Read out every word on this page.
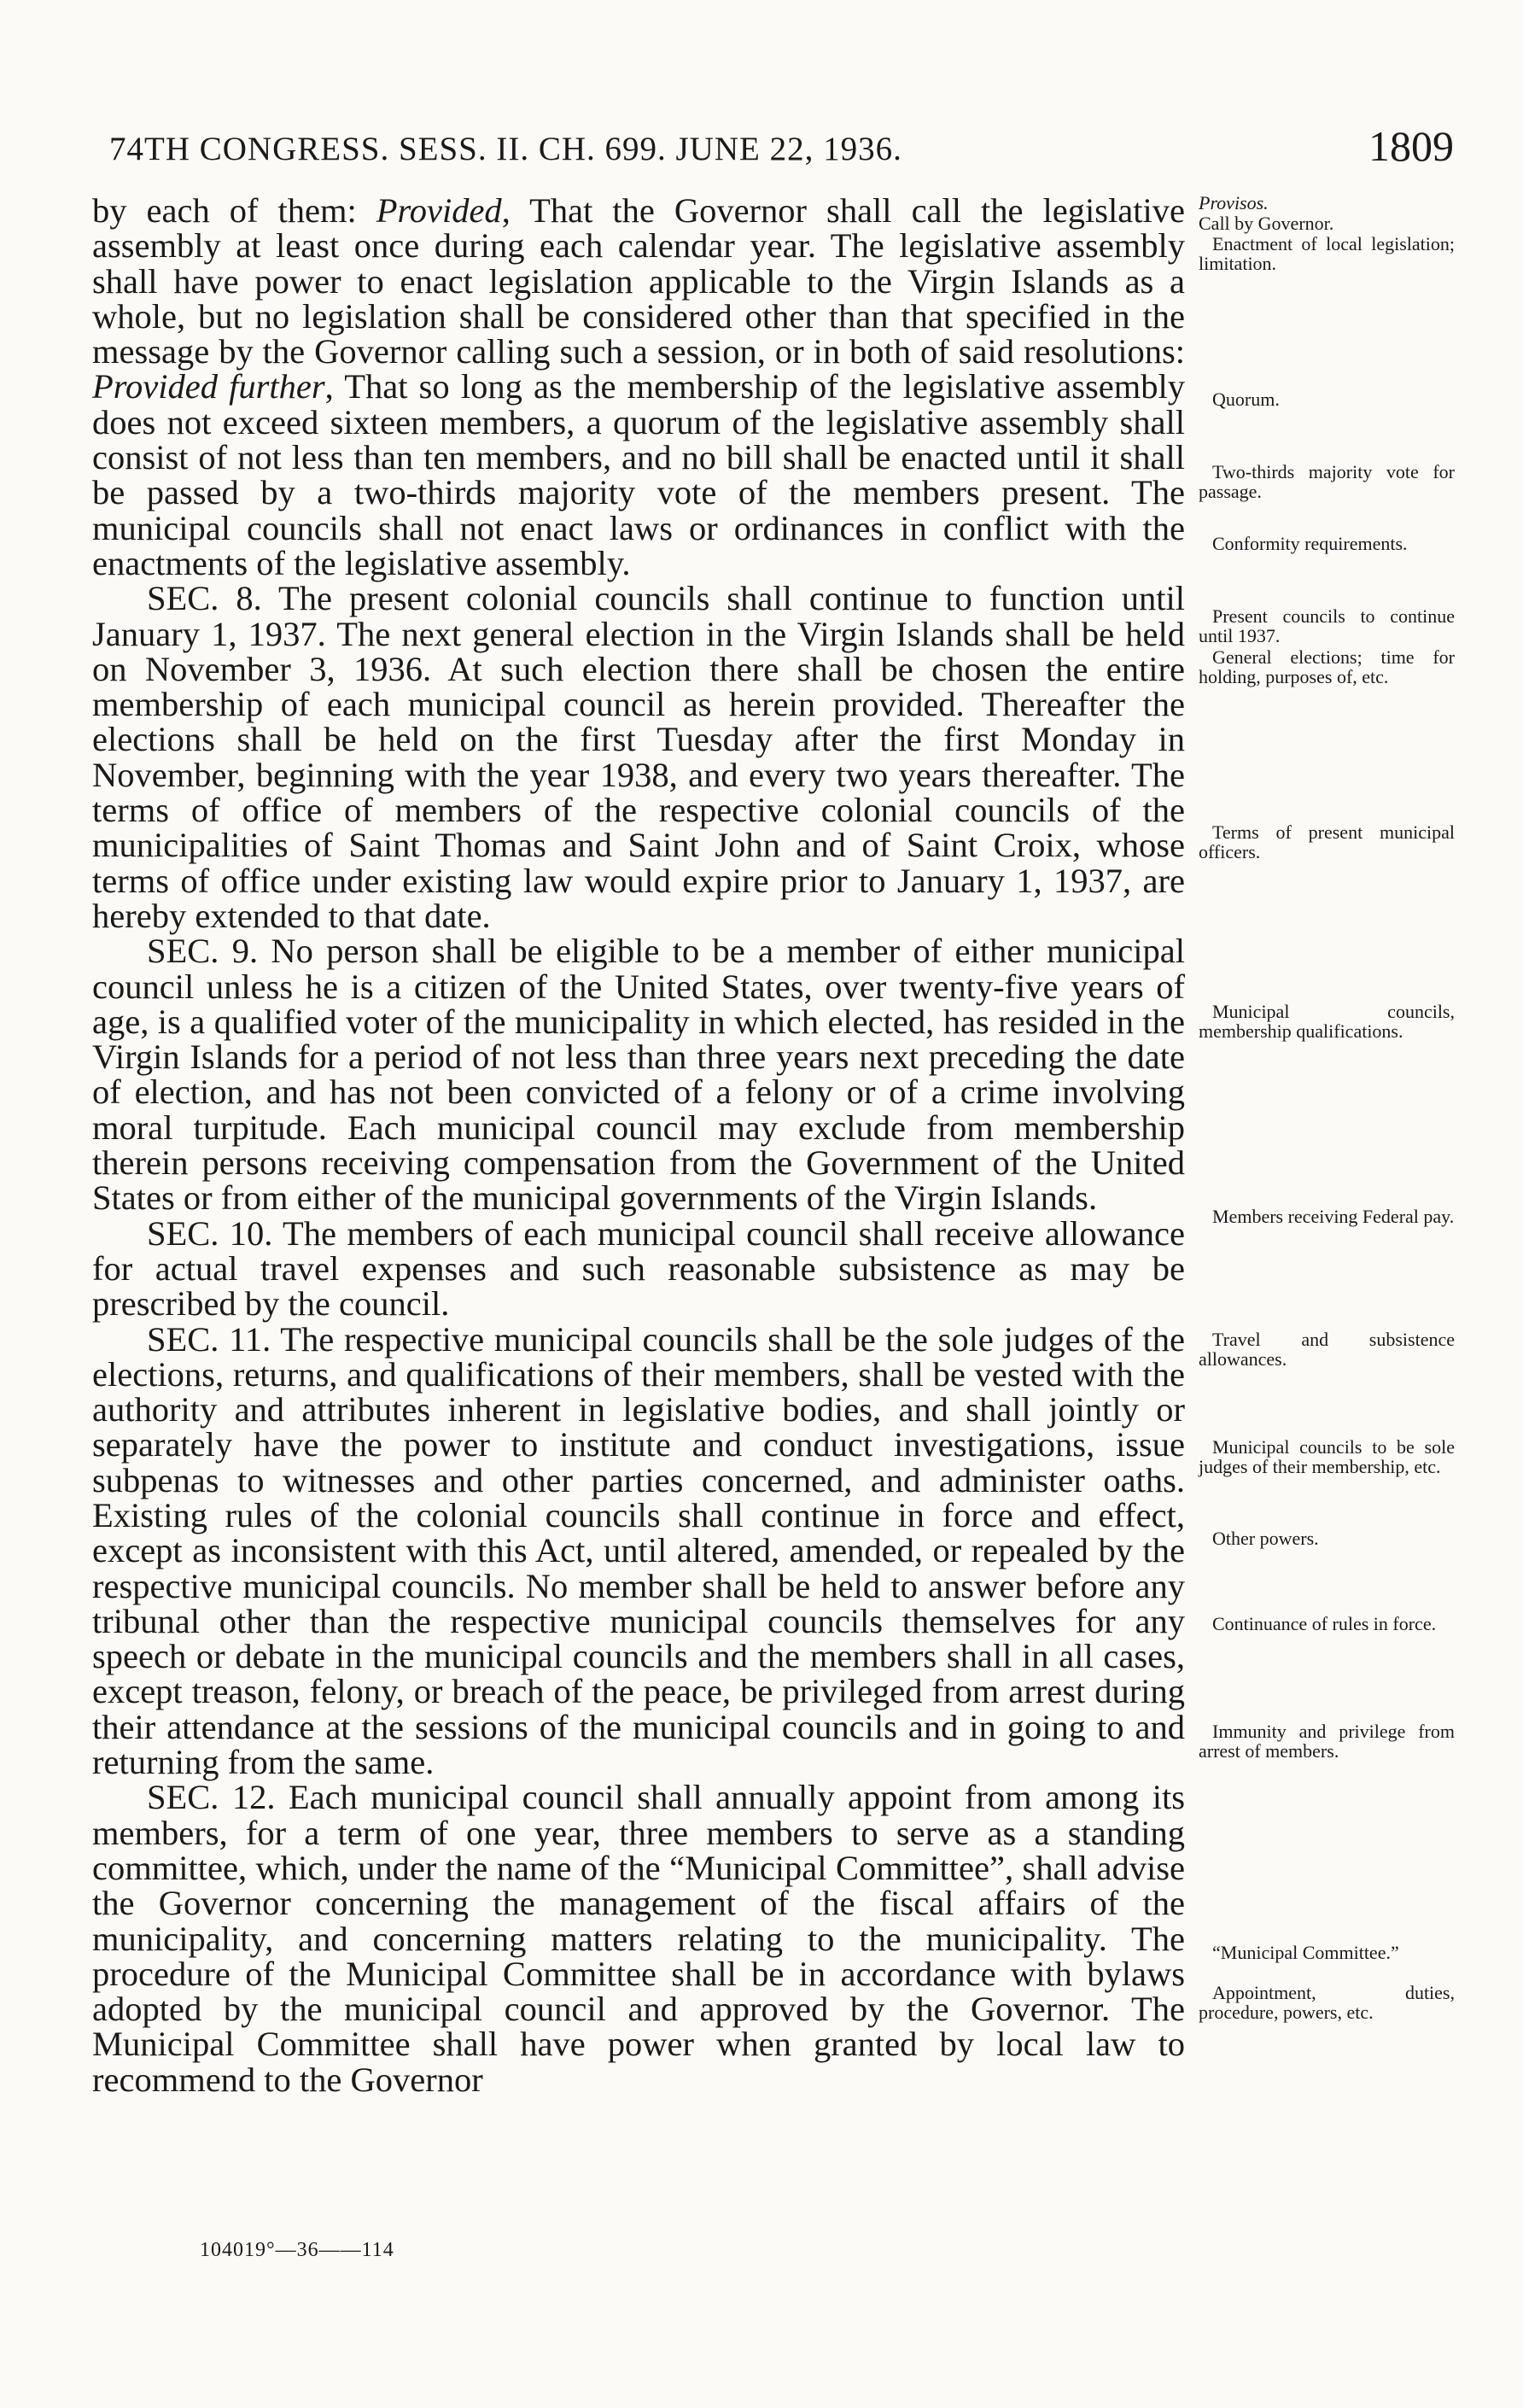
74TH CONGRESS. SESS. II. CH. 699. JUNE 22, 1936.	1809

by each of them: Provided, That the Governor shall call the legislative assembly at least once during each calendar year. The legislative assembly shall have power to enact legislation applicable to the Virgin Islands as a whole, but no legislation shall be considered other than that specified in the message by the Governor calling such a session, or in both of said resolutions: Provided further, That so long as the membership of the legislative assembly does not exceed sixteen members, a quorum of the legislative assembly shall consist of not less than ten members, and no bill shall be enacted until it shall be passed by a two-thirds majority vote of the members present. The municipal councils shall not enact laws or ordinances in conflict with the enactments of the legislative assembly.

SEC. 8. The present colonial councils shall continue to function until January 1, 1937. The next general election in the Virgin Islands shall be held on November 3, 1936. At such election there shall be chosen the entire membership of each municipal council as herein provided. Thereafter the elections shall be held on the first Tuesday after the first Monday in November, beginning with the year 1938, and every two years thereafter. The terms of office of members of the respective colonial councils of the municipalities of Saint Thomas and Saint John and of Saint Croix, whose terms of office under existing law would expire prior to January 1, 1937, are hereby extended to that date.

SEC. 9. No person shall be eligible to be a member of either municipal council unless he is a citizen of the United States, over twenty-five years of age, is a qualified voter of the municipality in which elected, has resided in the Virgin Islands for a period of not less than three years next preceding the date of election, and has not been convicted of a felony or of a crime involving moral turpitude. Each municipal council may exclude from membership therein persons receiving compensation from the Government of the United States or from either of the municipal governments of the Virgin Islands.

SEC. 10. The members of each municipal council shall receive allowance for actual travel expenses and such reasonable subsistence as may be prescribed by the council.

SEC. 11. The respective municipal councils shall be the sole judges of the elections, returns, and qualifications of their members, shall be vested with the authority and attributes inherent in legislative bodies, and shall jointly or separately have the power to institute and conduct investigations, issue subpenas to witnesses and other parties concerned, and administer oaths. Existing rules of the colonial councils shall continue in force and effect, except as inconsistent with this Act, until altered, amended, or repealed by the respective municipal councils. No member shall be held to answer before any tribunal other than the respective municipal councils themselves for any speech or debate in the municipal councils and the members shall in all cases, except treason, felony, or breach of the peace, be privileged from arrest during their attendance at the sessions of the municipal councils and in going to and returning from the same.

SEC. 12. Each municipal council shall annually appoint from among its members, for a term of one year, three members to serve as a standing committee, which, under the name of the “Municipal Committee”, shall advise the Governor concerning the management of the fiscal affairs of the municipality, and concerning matters relating to the municipality. The procedure of the Municipal Committee shall be in accordance with bylaws adopted by the municipal council and approved by the Governor. The Municipal Committee shall have power when granted by local law to recommend to the Governor

Provisos.
Call by Governor.
Enactment of local legislation; limitation.
Quorum.
Two-thirds majority vote for passage.
Conformity requirements.
Present councils to continue until 1937.
General elections; time for holding, purposes of, etc.
Terms of present municipal officers.
Municipal councils, membership qualifications.
Members receiving Federal pay.
Travel and subsistence allowances.
Municipal councils to be sole judges of their membership, etc.
Other powers.
Continuance of rules in force.
Immunity and privilege from arrest of members.
“Municipal Committee.”
Appointment, duties, procedure, powers, etc.
104019°—36——114
